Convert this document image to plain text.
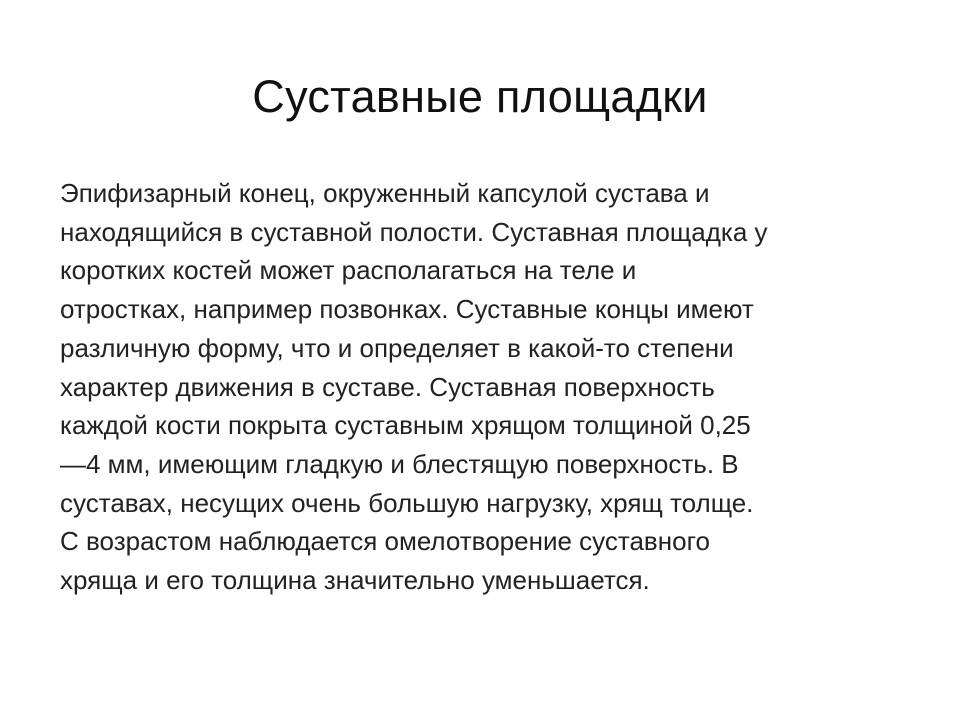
Суставные площадки
Эпифизарный конец, окруженный капсулой сустава и
находящийся в суставной полости. Суставная площадка у
коротких костей может располагаться на теле и
отростках, например позвонках. Суставные концы имеют
различную форму, что и определяет в какой-то степени
характер движения в суставе. Суставная поверхность
каждой кости покрыта суставным хрящом толщиной 0,25
—4 мм, имеющим гладкую и блестящую поверхность. В
суставах, несущих очень большую нагрузку, хрящ толще.
С возрастом наблюдается омелотворение суставного
хряща и его толщина значительно уменьшается.
